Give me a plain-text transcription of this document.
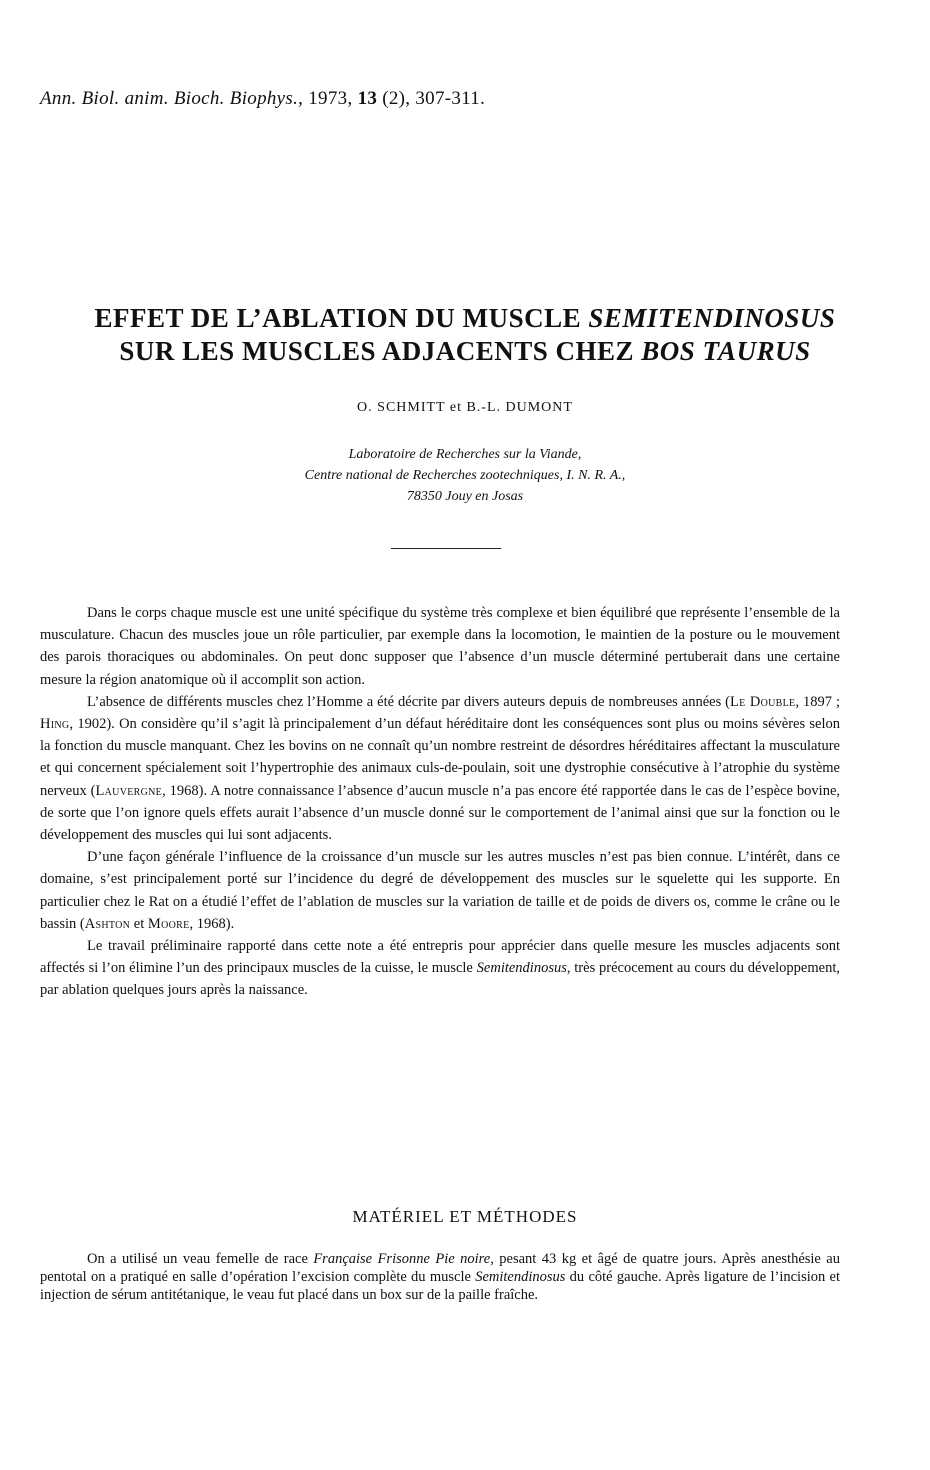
Ann. Biol. anim. Bioch. Biophys., 1973, 13 (2), 307-311.
EFFET DE L’ABLATION DU MUSCLE SEMITENDINOSUS
SUR LES MUSCLES ADJACENTS CHEZ BOS TAURUS
O. SCHMITT et B.-L. DUMONT
Laboratoire de Recherches sur la Viande,
Centre national de Recherches zootechniques, I. N. R. A.,
78350 Jouy en Josas

Dans le corps chaque muscle est une unité spécifique du système très complexe et bien équilibré que représente l’ensemble de la musculature. Chacun des muscles joue un rôle particulier, par exemple dans la locomotion, le maintien de la posture ou le mouvement des parois thoraciques ou abdominales. On peut donc supposer que l’absence d’un muscle déterminé pertuberait dans une certaine mesure la région anatomique où il accomplit son action.

L’absence de différents muscles chez l’Homme a été décrite par divers auteurs depuis de nombreuses années (Le Double, 1897 ; Hing, 1902). On considère qu’il s’agit là principalement d’un défaut héréditaire dont les conséquences sont plus ou moins sévères selon la fonction du muscle manquant. Chez les bovins on ne connaît qu’un nombre restreint de désordres héréditaires affectant la musculature et qui concernent spécialement soit l’hypertrophie des animaux culs-de-poulain, soit une dystrophie consécutive à l’atrophie du système nerveux (Lauvergne, 1968). A notre connaissance l’absence d’aucun muscle n’a pas encore été rapportée dans le cas de l’espèce bovine, de sorte que l’on ignore quels effets aurait l’absence d’un muscle donné sur le comportement de l’animal ainsi que sur la fonction ou le développement des muscles qui lui sont adjacents.

D’une façon générale l’influence de la croissance d’un muscle sur les autres muscles n’est pas bien connue. L’intérêt, dans ce domaine, s’est principalement porté sur l’incidence du degré de développement des muscles sur le squelette qui les supporte. En particulier chez le Rat on a étudié l’effet de l’ablation de muscles sur la variation de taille et de poids de divers os, comme le crâne ou le bassin (Ashton et Moore, 1968).

Le travail préliminaire rapporté dans cette note a été entrepris pour apprécier dans quelle mesure les muscles adjacents sont affectés si l’on élimine l’un des principaux muscles de la cuisse, le muscle Semitendinosus, très précocement au cours du développement, par ablation quelques jours après la naissance.

MATÉRIEL ET MÉTHODES

On a utilisé un veau femelle de race Française Frisonne Pie noire, pesant 43 kg et âgé de quatre jours. Après anesthésie au pentotal on a pratiqué en salle d’opération l’excision complète du muscle Semitendinosus du côté gauche. Après ligature de l’incision et injection de sérum antitétanique, le veau fut placé dans un box sur de la paille fraîche.
